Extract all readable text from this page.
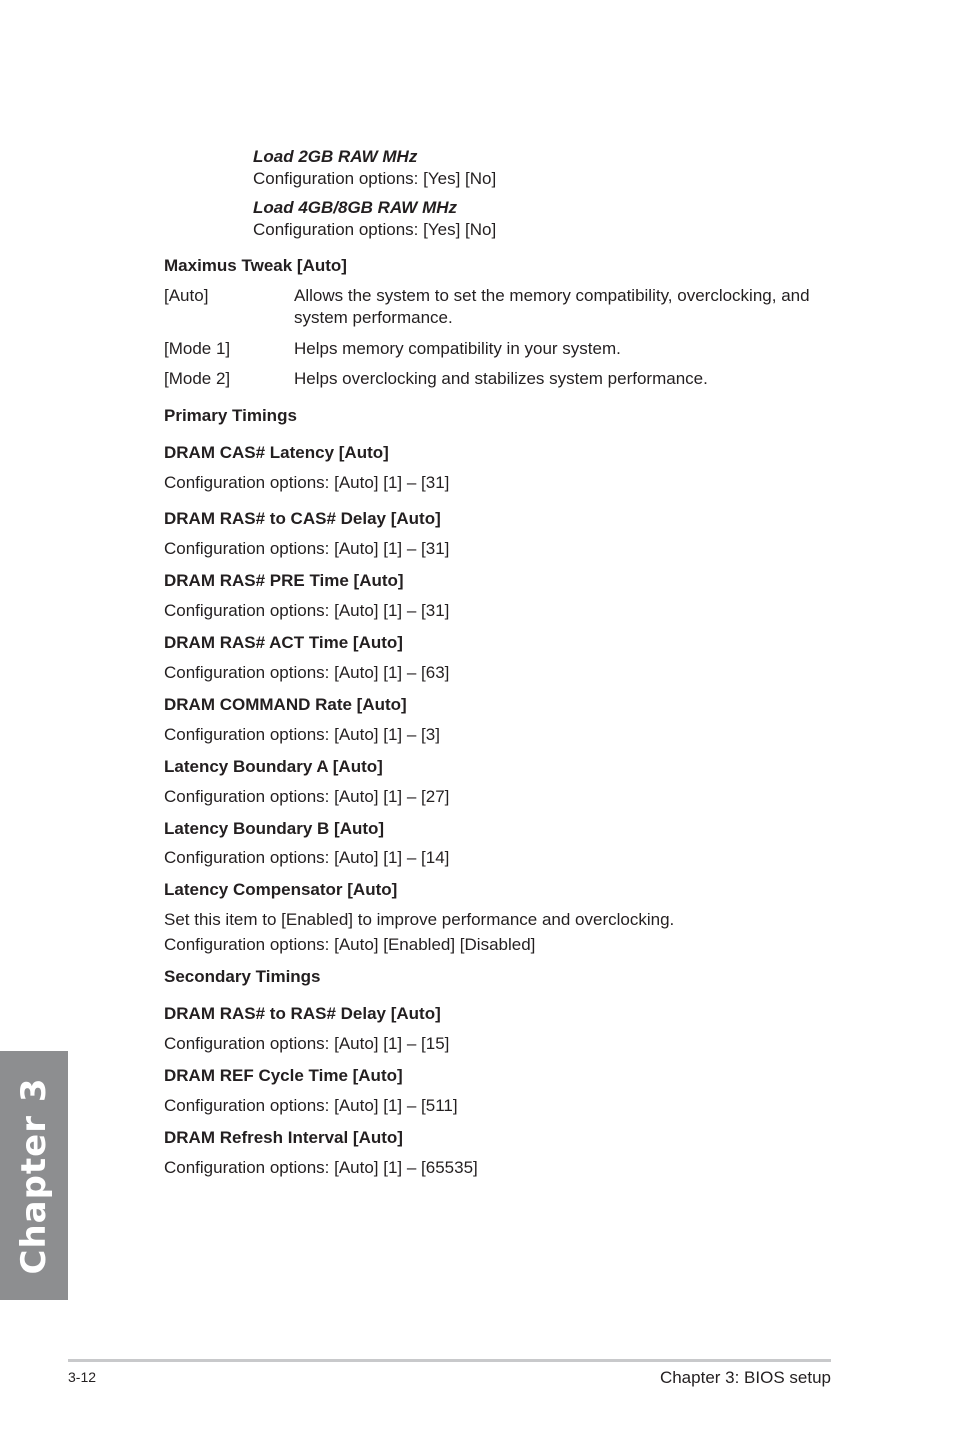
Load 2GB RAW MHz
Configuration options: [Yes] [No]
Load 4GB/8GB RAW MHz
Configuration options: [Yes] [No]
Maximus Tweak [Auto]
[Auto]	Allows the system to set the memory compatibility, overclocking, and system performance.
[Mode 1]	Helps memory compatibility in your system.
[Mode 2]	Helps overclocking and stabilizes system performance.
Primary Timings
DRAM CAS# Latency [Auto]
Configuration options: [Auto] [1] – [31]
DRAM RAS# to CAS# Delay [Auto]
Configuration options: [Auto] [1] – [31]
DRAM RAS# PRE Time [Auto]
Configuration options: [Auto] [1] – [31]
DRAM RAS# ACT Time [Auto]
Configuration options: [Auto] [1] – [63]
DRAM COMMAND Rate [Auto]
Configuration options: [Auto] [1] – [3]
Latency Boundary A [Auto]
Configuration options: [Auto] [1] – [27]
Latency Boundary B [Auto]
Configuration options: [Auto] [1] – [14]
Latency Compensator [Auto]
Set this item to [Enabled] to improve performance and overclocking.
Configuration options: [Auto] [Enabled] [Disabled]
Secondary Timings
DRAM RAS# to RAS# Delay [Auto]
Configuration options: [Auto] [1] – [15]
DRAM REF Cycle Time [Auto]
Configuration options: [Auto] [1] – [511]
DRAM Refresh Interval [Auto]
Configuration options: [Auto] [1] – [65535]
Chapter 3
3-12	Chapter 3: BIOS setup
